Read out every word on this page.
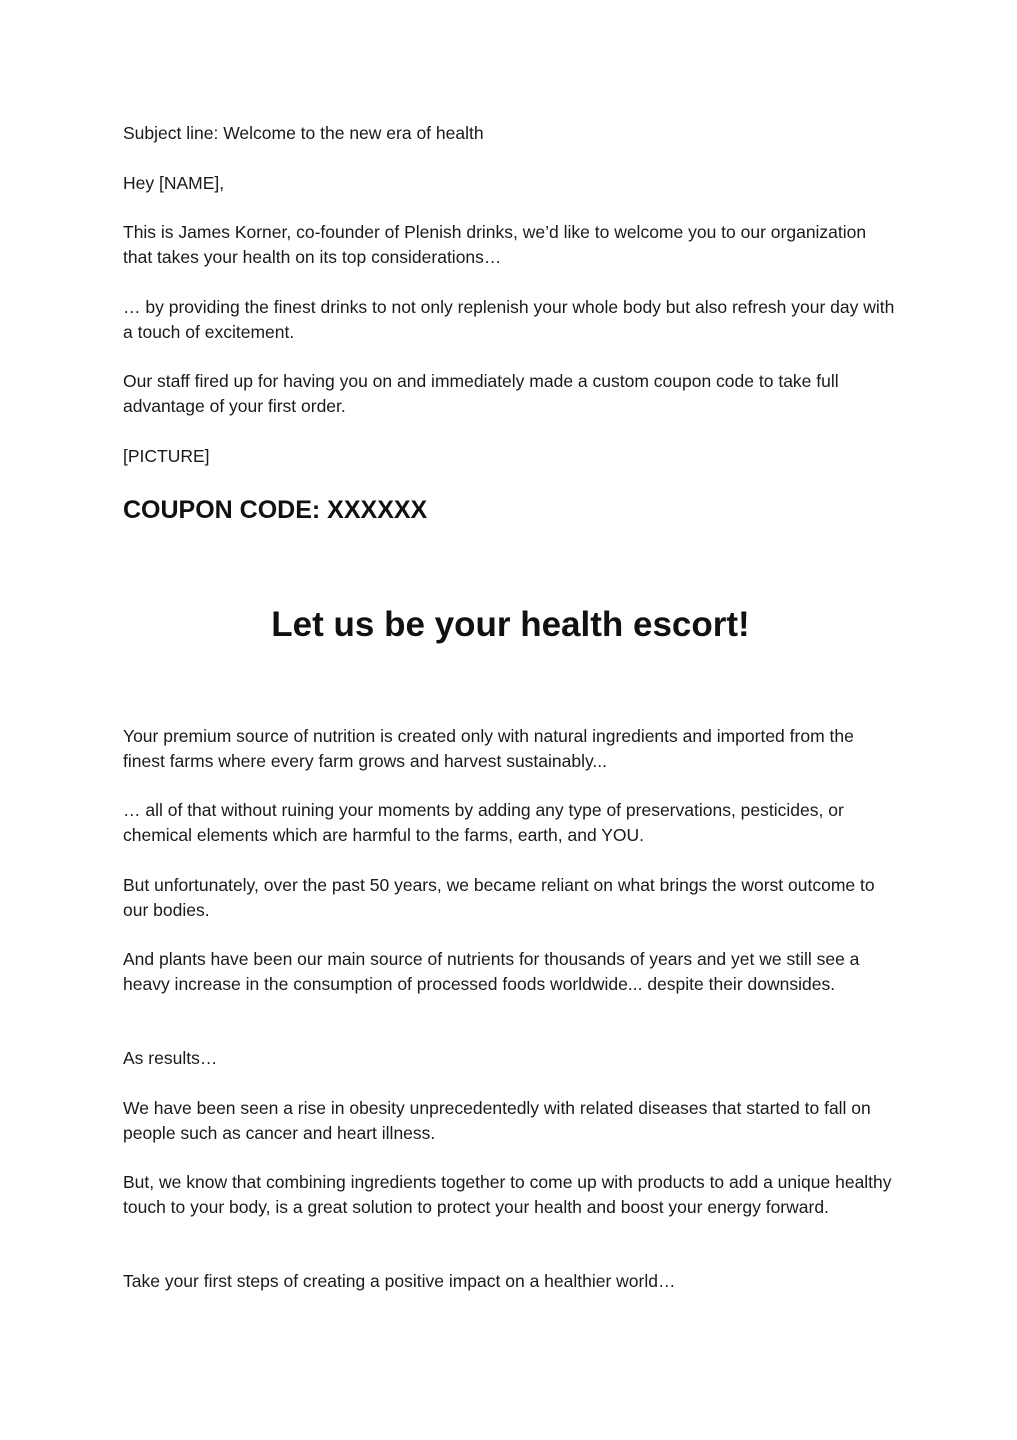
Subject line: Welcome to the new era of health

Hey [NAME],

This is James Korner, co-founder of Plenish drinks, we’d like to welcome you to our organization that takes your health on its top considerations…

… by providing the finest drinks to not only replenish your whole body but also refresh your day with a touch of excitement.

Our staff fired up for having you on and immediately made a custom coupon code to take full advantage of your first order.

[PICTURE]

COUPON CODE: XXXXXX

Let us be your health escort!

Your premium source of nutrition is created only with natural ingredients and imported from the finest farms where every farm grows and harvest sustainably...

… all of that without ruining your moments by adding any type of preservations, pesticides, or chemical elements which are harmful to the farms, earth, and YOU.

But unfortunately, over the past 50 years, we became reliant on what brings the worst outcome to our bodies.

And plants have been our main source of nutrients for thousands of years and yet we still see a heavy increase in the consumption of processed foods worldwide... despite their downsides.

As results…

We have been seen a rise in obesity unprecedentedly with related diseases that started to fall on people such as cancer and heart illness.

But, we know that combining ingredients together to come up with products to add a unique healthy touch to your body, is a great solution to protect your health and boost your energy forward.

Take your first steps of creating a positive impact on a healthier world…
